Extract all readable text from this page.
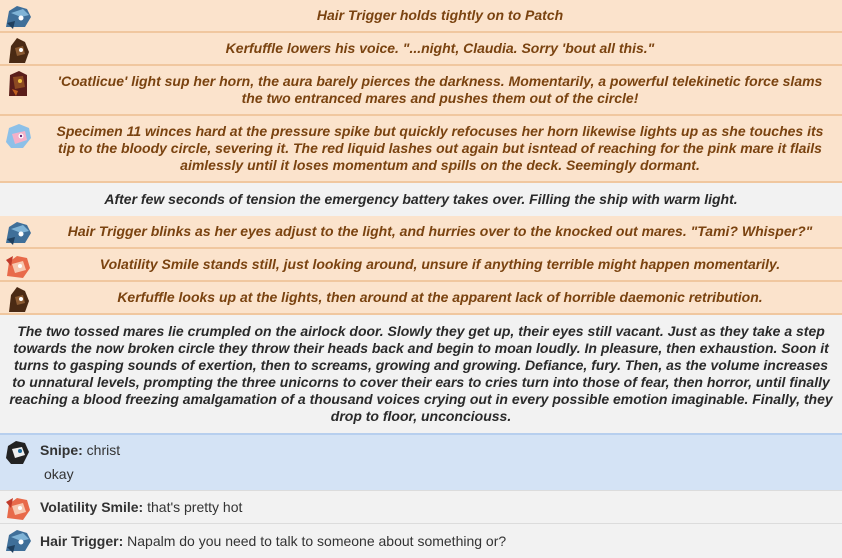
Hair Trigger holds tightly on to Patch
Kerfuffle lowers his voice. "...night, Claudia. Sorry 'bout all this."
'Coatlicue' light sup her horn, the aura barely pierces the darkness. Momentarily, a powerful telekinetic force slams the two entranced mares and pushes them out of the circle!
Specimen 11 winces hard at the pressure spike but quickly refocuses her horn likewise lights up as she touches its tip to the bloody circle, severing it. The red liquid lashes out again but isntead of reaching for the pink mare it flails aimlessly until it loses momentum and spills on the deck. Seemingly dormant.
After few seconds of tension the emergency battery takes over. Filling the ship with warm light.
Hair Trigger blinks as her eyes adjust to the light, and hurries over to the knocked out mares. "Tami? Whisper?"
Volatility Smile stands still, just looking around, unsure if anything terrible might happen momentarily.
Kerfuffle looks up at the lights, then around at the apparent lack of horrible daemonic retribution.
The two tossed mares lie crumpled on the airlock door. Slowly they get up, their eyes still vacant. Just as they take a step towards the now broken circle they throw their heads back and begin to moan loudly. In pleasure, then exhaustion. Soon it turns to gasping sounds of exertion, then to screams, growing and growing. Defiance, fury. Then, as the volume increases to unnatural levels, prompting the three unicorns to cover their ears to cries turn into those of fear, then horror, until finally reaching a blood freezing amalgamation of a thousand voices crying out in every possible emotion imaginable. Finally, they drop to floor, unconciouss.
Snipe: christ
okay
Volatility Smile: that's pretty hot
Hair Trigger: Napalm do you need to talk to someone about something or?
